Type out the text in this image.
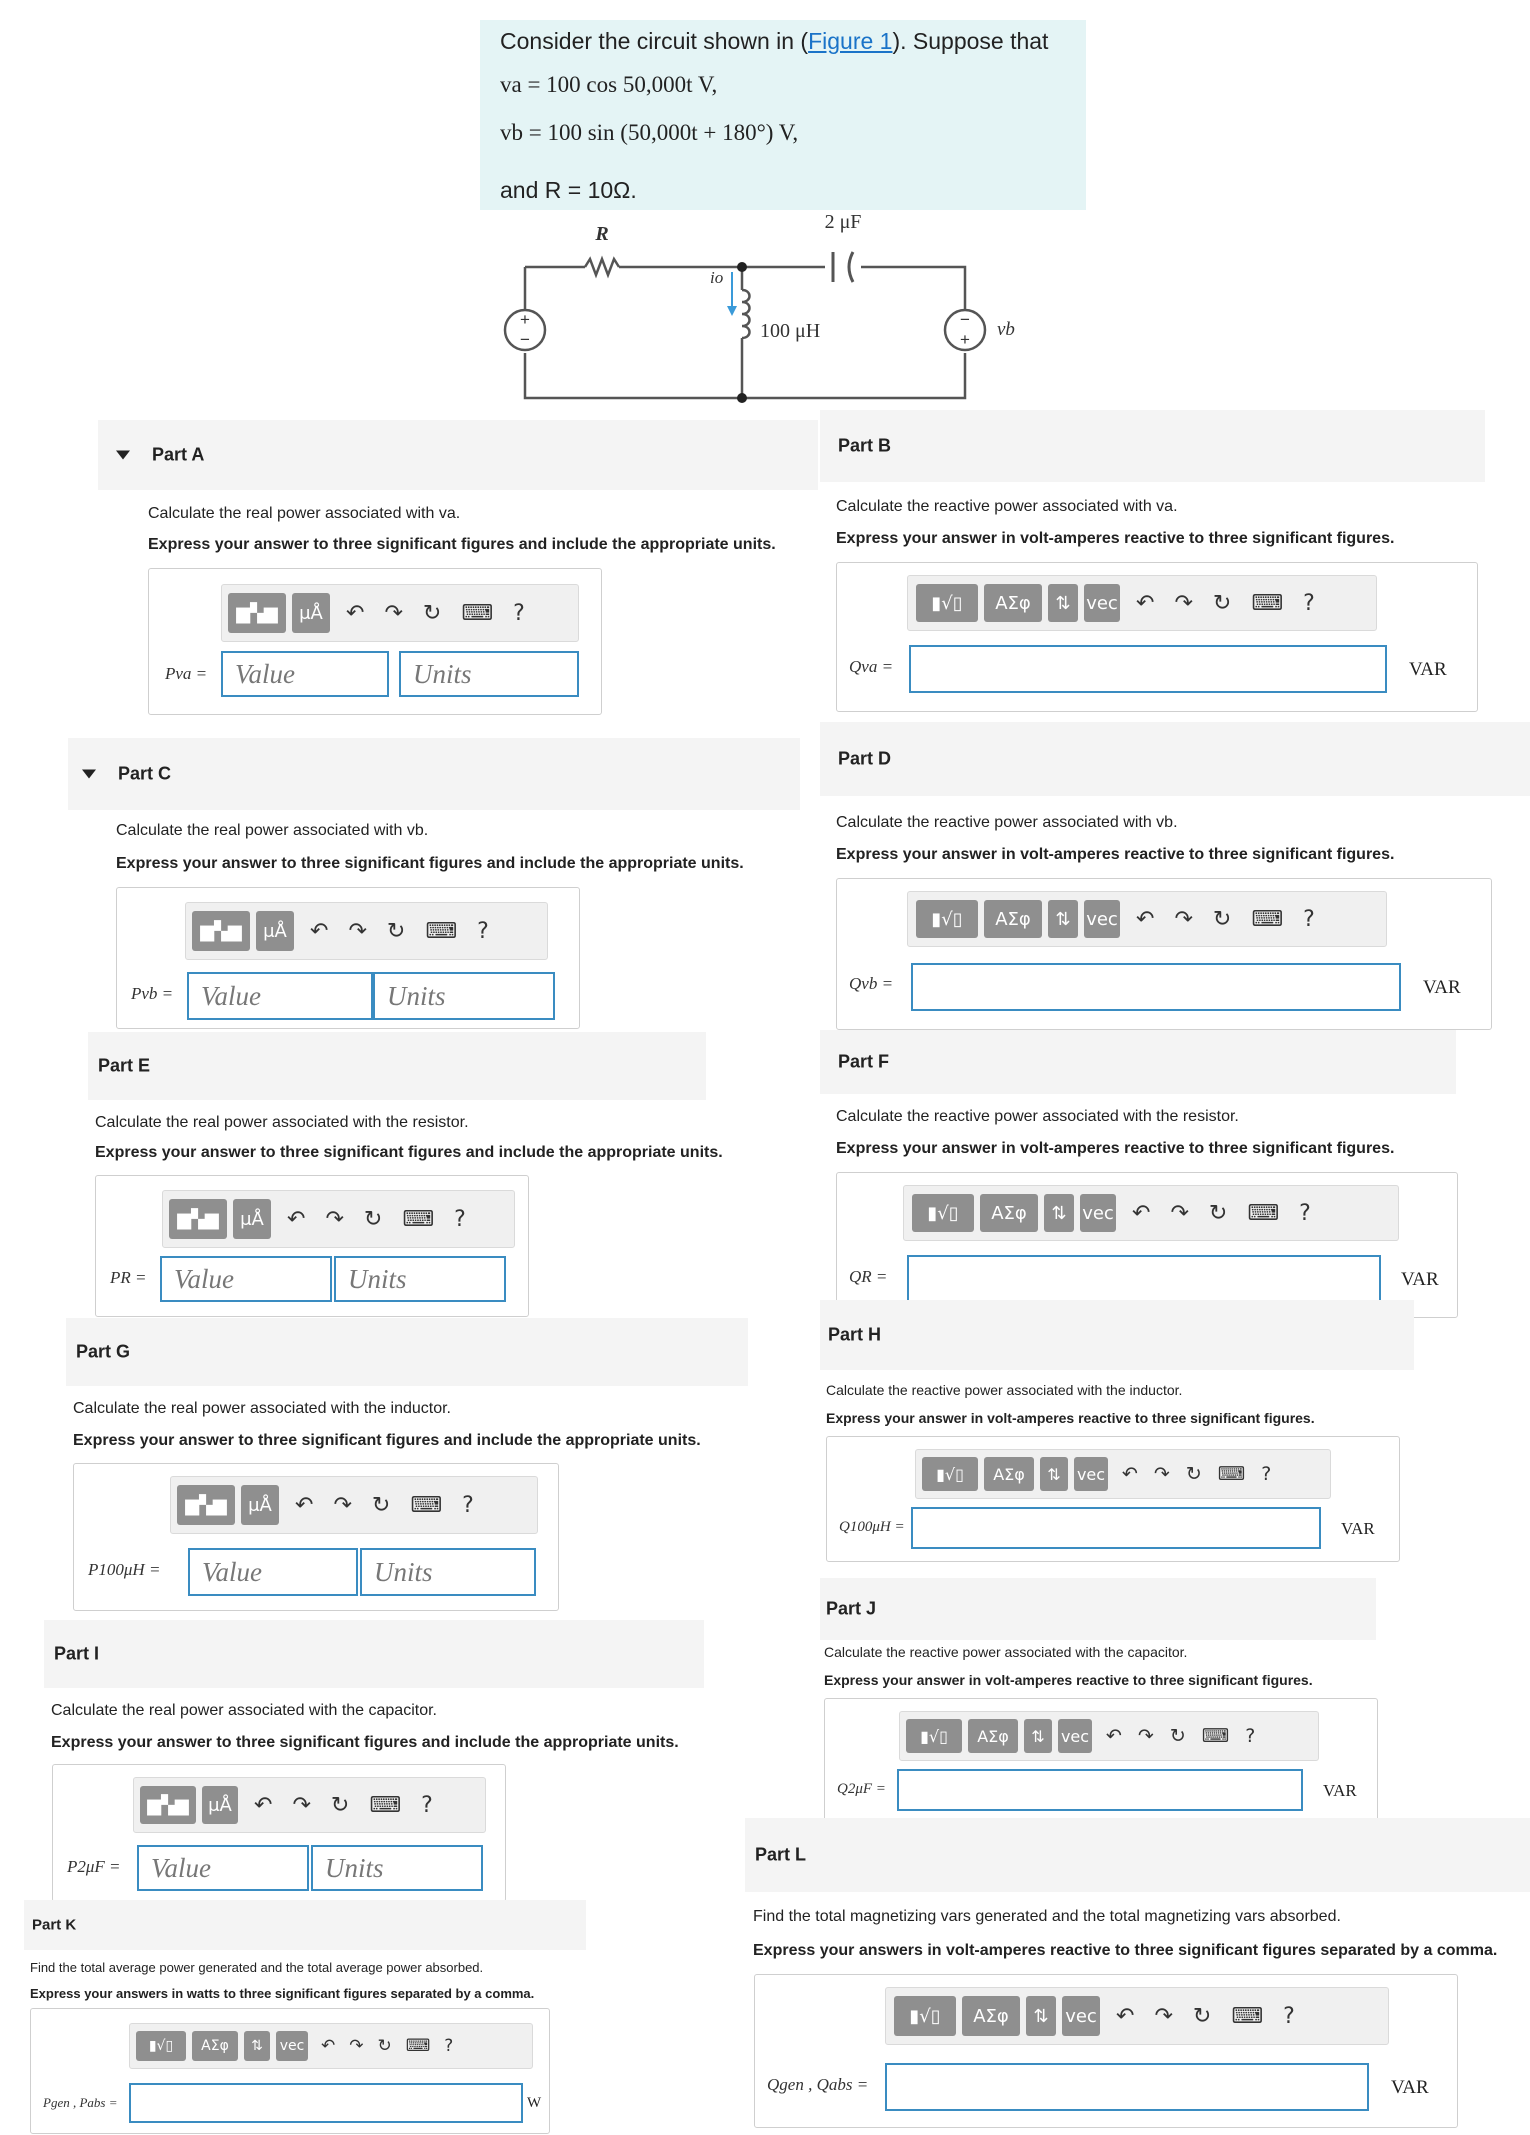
Consider the circuit shown in (Figure 1). Suppose that
va = 100 cos 50,000t V,
vb = 100 sin (50,000t + 180°) V,
and R = 10Ω.
+
−
−
+
R
2 μF
100 μH
io
vb
Part A
Calculate the real power associated with va.
Express your answer to three significant figures and include the appropriate units.
▆▚▆	μÅ	↶ ↷ ↻ ⌨ ?
Pva =	Value	Units
Part B
Calculate the reactive power associated with va.
Express your answer in volt-amperes reactive to three significant figures.
▮√▯	ΑΣφ	⇅ vec ↶ ↷ ↻ ⌨ ?
Qva =	VAR
Part C
Calculate the real power associated with vb.
Express your answer to three significant figures and include the appropriate units.
▆▚▆	μÅ	↶ ↷ ↻ ⌨ ?
Pvb =	Value	Units
Part D
Calculate the reactive power associated with vb.
Express your answer in volt-amperes reactive to three significant figures.
▮√▯	ΑΣφ	⇅ vec ↶ ↷ ↻ ⌨ ?
Qvb =	VAR
Part E
Calculate the real power associated with the resistor.
Express your answer to three significant figures and include the appropriate units.
▆▚▆	μÅ	↶ ↷ ↻ ⌨ ?
PR =	Value	Units
Part F
Calculate the reactive power associated with the resistor.
Express your answer in volt-amperes reactive to three significant figures.
▮√▯	ΑΣφ	⇅ vec ↶ ↷ ↻ ⌨ ?
QR =	VAR
Part G
Calculate the real power associated with the inductor.
Express your answer to three significant figures and include the appropriate units.
▆▚▆	μÅ	↶ ↷ ↻ ⌨ ?
P100μH =	Value	Units
Part H
Calculate the reactive power associated with the inductor.
Express your answer in volt-amperes reactive to three significant figures.
▮√▯	ΑΣφ	⇅	vec ↶ ↷ ↻ ⌨ ?
Q100μH =	VAR
Part I
Calculate the real power associated with the capacitor.
Express your answer to three significant figures and include the appropriate units.
▆▚▆	μÅ ↶ ↷ ↻ ⌨ ?
P2μF =	Value	Units
Part J
Calculate the reactive power associated with the capacitor.
Express your answer in volt-amperes reactive to three significant figures.
▮√▯	ΑΣφ	⇅	vec ↶ ↷ ↻ ⌨ ?
Q2μF =	VAR
Part K
Find the total average power generated and the total average power absorbed.
Express your answers in watts to three significant figures separated by a comma.
▮√▯	ΑΣφ	⇅	vec ↶ ↷ ↻ ⌨ ?
Pgen , Pabs =	W
Part L
Find the total magnetizing vars generated and the total magnetizing vars absorbed.
Express your answers in volt-amperes reactive to three significant figures separated by a comma.
▮√▯	ΑΣφ	⇅ vec ↶ ↷ ↻ ⌨ ?
Qgen , Qabs =	VAR
